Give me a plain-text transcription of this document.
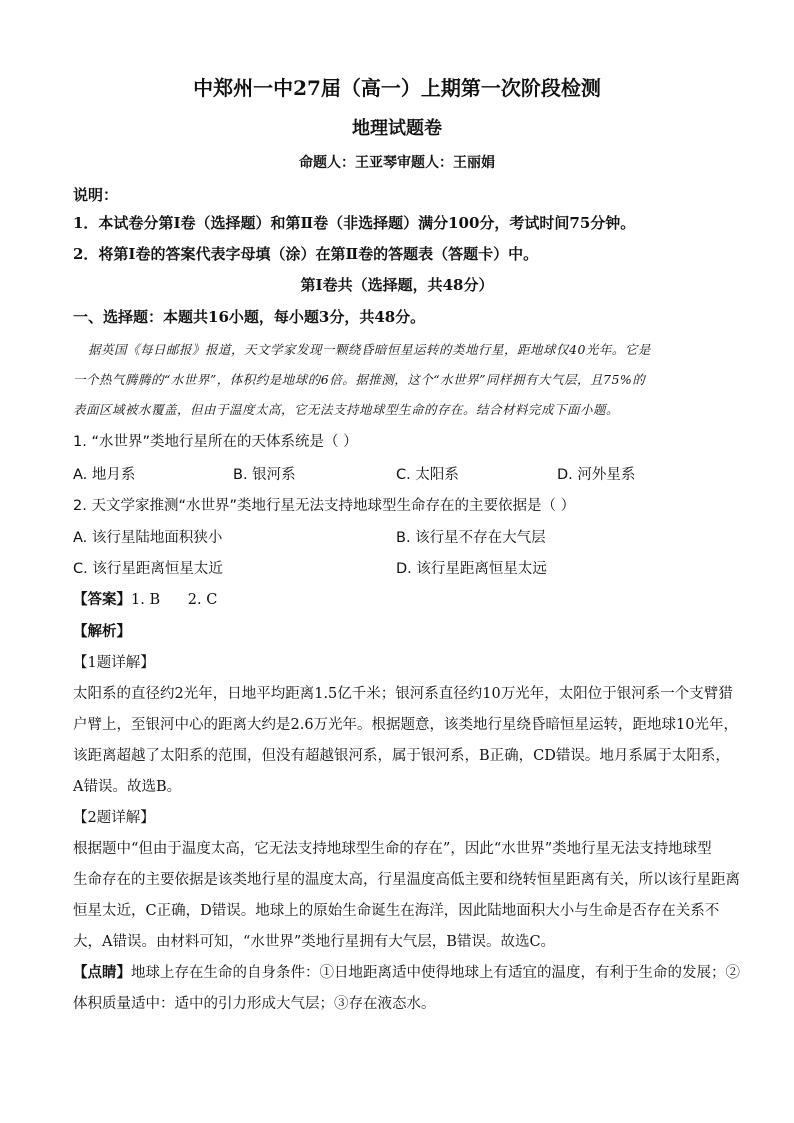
中郑州一中27届（高一）上期第一次阶段检测
地理试题卷
命题人：王亚琴审题人：王丽娟
说明：
1．本试卷分第Ⅰ卷（选择题）和第Ⅱ卷（非选择题）满分100分，考试时间75分钟。
2．将第Ⅰ卷的答案代表字母填（涂）在第Ⅱ卷的答题表（答题卡）中。
第Ⅰ卷共（选择题，共48分）
一、选择题：本题共16小题，每小题3分，共48分。
据英国《每日邮报》报道，天文学家发现一颗绕昏暗恒星运转的类地行星，距地球仅40光年。它是
一个热气腾腾的“水世界”，体积约是地球的6倍。据推测，这个“水世界”同样拥有大气层，且75%的
表面区域被水覆盖，但由于温度太高，它无法支持地球型生命的存在。结合材料完成下面小题。
1. “水世界”类地行星所在的天体系统是（ ）
A. 地月系	B. 银河系	C. 太阳系	D. 河外星系
2. 天文学家推测“水世界”类地行星无法支持地球型生命存在的主要依据是（ ）
A. 该行星陆地面积狭小	B. 该行星不存在大气层
C. 该行星距离恒星太近	D. 该行星距离恒星太远
【答案】1. B      2. C
【解析】
【1题详解】
太阳系的直径约2光年，日地平均距离1.5亿千米；银河系直径约10万光年，太阳位于银河系一个支臂猎
户臂上，至银河中心的距离大约是2.6万光年。根据题意，该类地行星绕昏暗恒星运转，距地球10光年，
该距离超越了太阳系的范围，但没有超越银河系，属于银河系，B正确，CD错误。地月系属于太阳系，
A错误。故选B。
【2题详解】
根据题中“但由于温度太高，它无法支持地球型生命的存在”，因此“水世界”类地行星无法支持地球型
生命存在的主要依据是该类地行星的温度太高，行星温度高低主要和绕转恒星距离有关，所以该行星距离
恒星太近，C正确，D错误。地球上的原始生命诞生在海洋，因此陆地面积大小与生命是否存在关系不
大，A错误。由材料可知，“水世界”类地行星拥有大气层，B错误。故选C。
【点睛】地球上存在生命的自身条件：①日地距离适中使得地球上有适宜的温度，有利于生命的发展；②
体积质量适中：适中的引力形成大气层；③存在液态水。
